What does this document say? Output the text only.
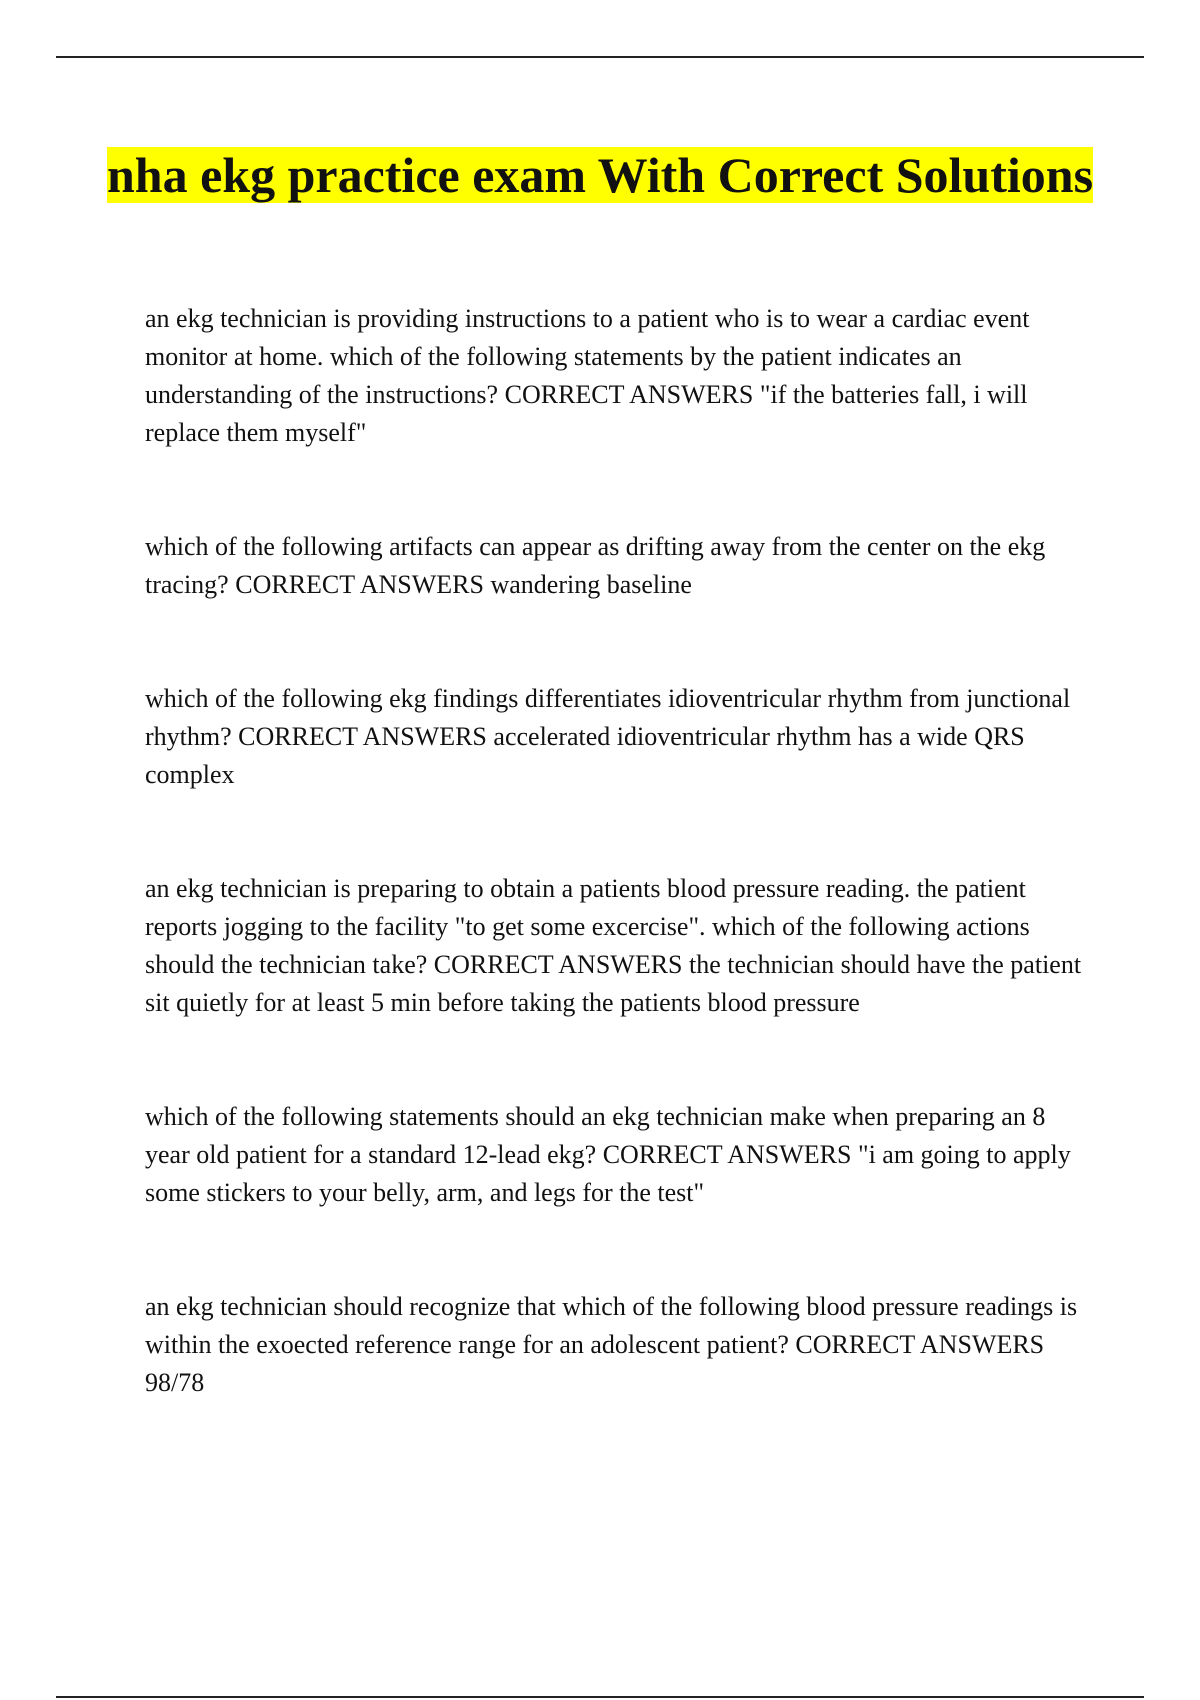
nha ekg practice exam With Correct Solutions

an ekg technician is providing instructions to a patient who is to wear a cardiac event monitor at home. which of the following statements by the patient indicates an understanding of the instructions? CORRECT ANSWERS "if the batteries fall, i will replace them myself"

which of the following artifacts can appear as drifting away from the center on the ekg tracing? CORRECT ANSWERS wandering baseline

which of the following ekg findings differentiates idioventricular rhythm from junctional rhythm? CORRECT ANSWERS accelerated idioventricular rhythm has a wide QRS complex

an ekg technician is preparing to obtain a patients blood pressure reading. the patient reports jogging to the facility "to get some excercise". which of the following actions should the technician take? CORRECT ANSWERS the technician should have the patient sit quietly for at least 5 min before taking the patients blood pressure

which of the following statements should an ekg technician make when preparing an 8 year old patient for a standard 12-lead ekg? CORRECT ANSWERS "i am going to apply some stickers to your belly, arm, and legs for the test"

an ekg technician should recognize that which of the following blood pressure readings is within the exoected reference range for an adolescent patient? CORRECT ANSWERS 98/78
